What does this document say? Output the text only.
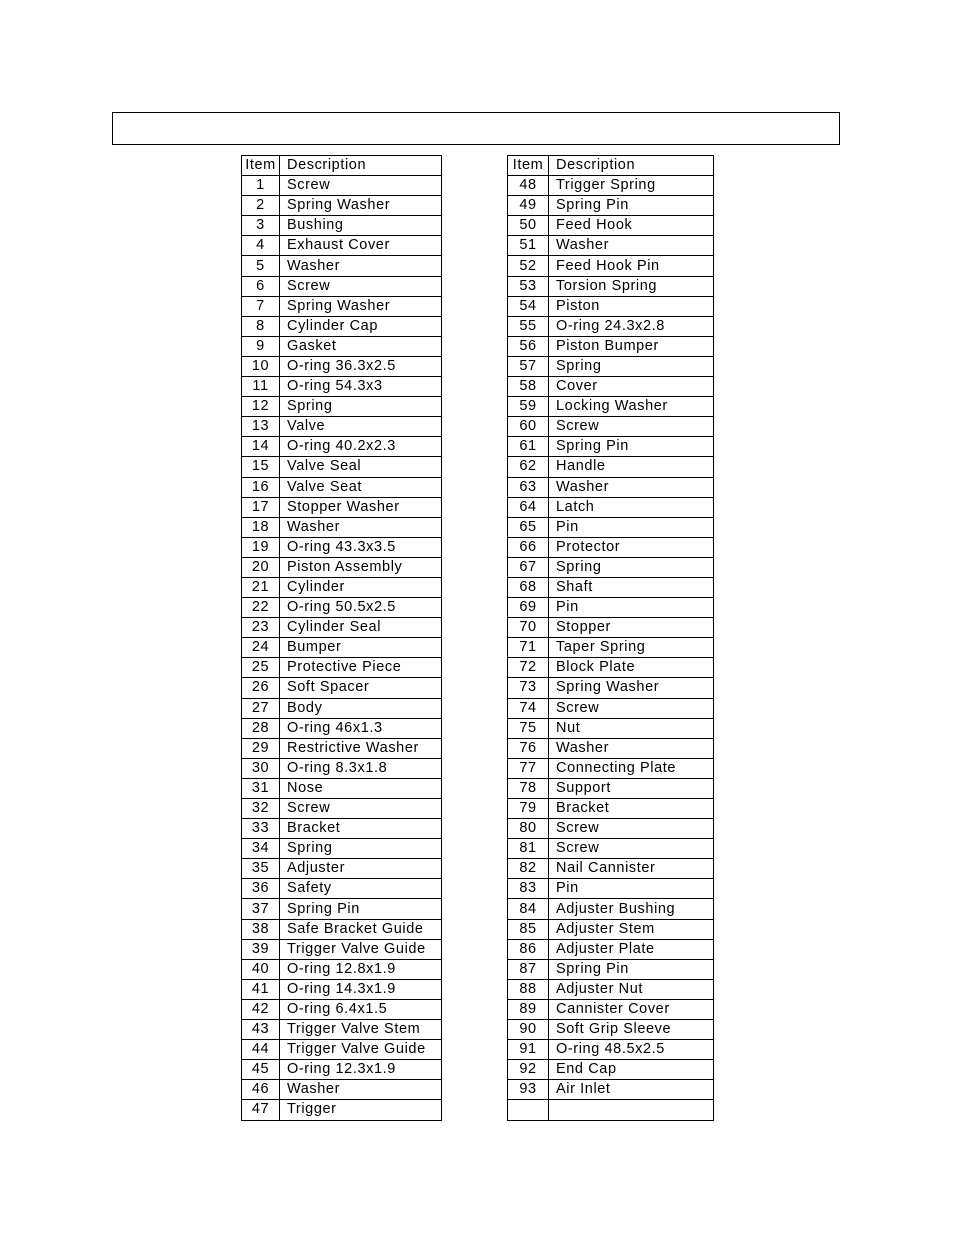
Item	Description
1	Screw
2	Spring Washer
3	Bushing
4	Exhaust Cover
5	Washer
6	Screw
7	Spring Washer
8	Cylinder Cap
9	Gasket
10	O-ring 36.3x2.5
11	O-ring 54.3x3
12	Spring
13	Valve
14	O-ring 40.2x2.3
15	Valve Seal
16	Valve Seat
17	Stopper Washer
18	Washer
19	O-ring 43.3x3.5
20	Piston Assembly
21	Cylinder
22	O-ring 50.5x2.5
23	Cylinder Seal
24	Bumper
25	Protective Piece
26	Soft Spacer
27	Body
28	O-ring 46x1.3
29	Restrictive Washer
30	O-ring 8.3x1.8
31	Nose
32	Screw
33	Bracket
34	Spring
35	Adjuster
36	Safety
37	Spring Pin
38	Safe Bracket Guide
39	Trigger Valve Guide
40	O-ring 12.8x1.9
41	O-ring 14.3x1.9
42	O-ring 6.4x1.5
43	Trigger Valve Stem
44	Trigger Valve Guide
45	O-ring 12.3x1.9
46	Washer
47	Trigger
Item	Description
48	Trigger Spring
49	Spring Pin
50	Feed Hook
51	Washer
52	Feed Hook Pin
53	Torsion Spring
54	Piston
55	O-ring 24.3x2.8
56	Piston Bumper
57	Spring
58	Cover
59	Locking Washer
60	Screw
61	Spring Pin
62	Handle
63	Washer
64	Latch
65	Pin
66	Protector
67	Spring
68	Shaft
69	Pin
70	Stopper
71	Taper Spring
72	Block Plate
73	Spring Washer
74	Screw
75	Nut
76	Washer
77	Connecting Plate
78	Support
79	Bracket
80	Screw
81	Screw
82	Nail Cannister
83	Pin
84	Adjuster Bushing
85	Adjuster Stem
86	Adjuster Plate
87	Spring Pin
88	Adjuster Nut
89	Cannister Cover
90	Soft Grip Sleeve
91	O-ring 48.5x2.5
92	End Cap
93	Air Inlet
